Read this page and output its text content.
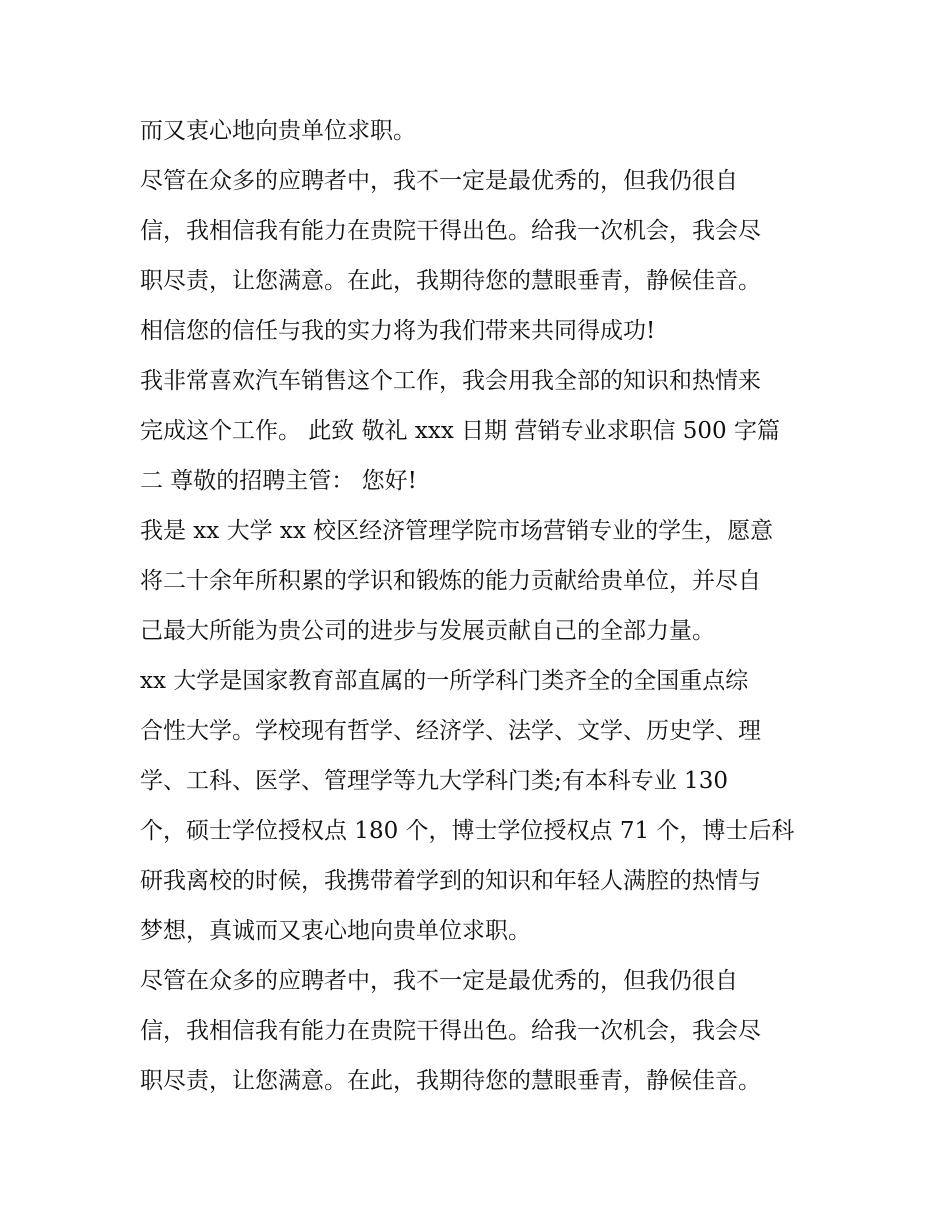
而又衷心地向贵单位求职。
尽管在众多的应聘者中，我不一定是最优秀的，但我仍很自
信，我相信我有能力在贵院干得出色。给我一次机会，我会尽
职尽责，让您满意。在此，我期待您的慧眼垂青，静候佳音。
相信您的信任与我的实力将为我们带来共同得成功!
我非常喜欢汽车销售这个工作，我会用我全部的知识和热情来
完成这个工作。 此致 敬礼 xxx 日期 营销专业求职信 500 字篇
二 尊敬的招聘主管： 您好!
我是 xx 大学 xx 校区经济管理学院市场营销专业的学生，愿意
将二十余年所积累的学识和锻炼的能力贡献给贵单位，并尽自
己最大所能为贵公司的进步与发展贡献自己的全部力量。
xx 大学是国家教育部直属的一所学科门类齐全的全国重点综
合性大学。学校现有哲学、经济学、法学、文学、历史学、理
学、工科、医学、管理学等九大学科门类;有本科专业 130
个，硕士学位授权点 180 个，博士学位授权点 71 个，博士后科
研我离校的时候，我携带着学到的知识和年轻人满腔的热情与
梦想，真诚而又衷心地向贵单位求职。
尽管在众多的应聘者中，我不一定是最优秀的，但我仍很自
信，我相信我有能力在贵院干得出色。给我一次机会，我会尽
职尽责，让您满意。在此，我期待您的慧眼垂青，静候佳音。
